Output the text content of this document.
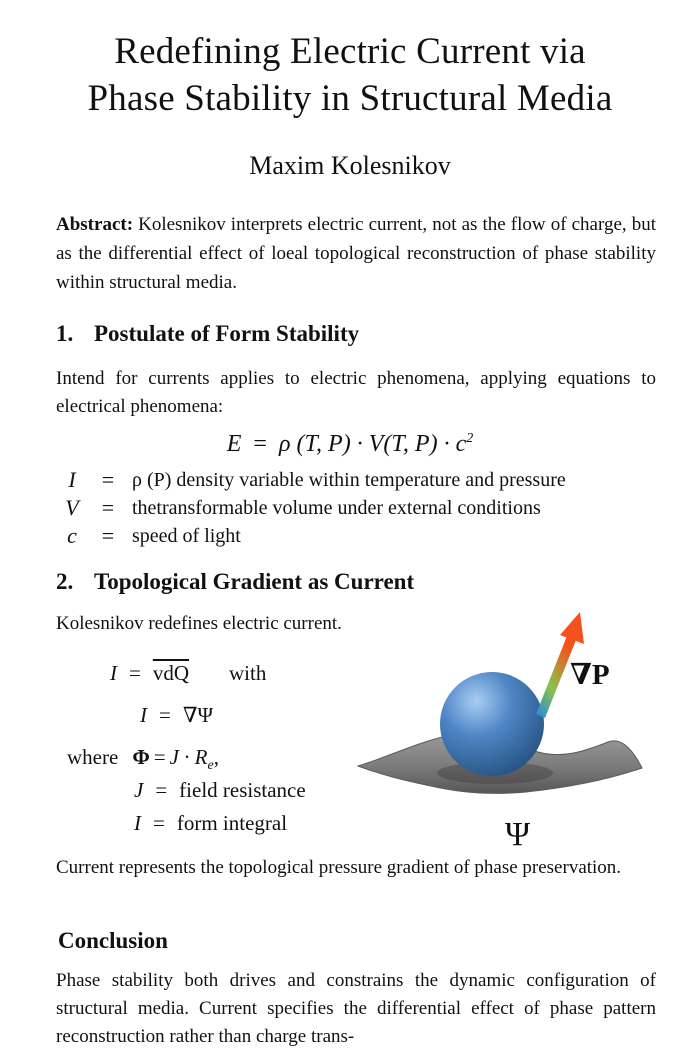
Redefining Electric Current via
Phase Stability in Structural Media
Maxim Kolesnikov
Abstract: Kolesnikov interprets electric current, not as the flow of charge, but as the differential effect of loeal topological reconstruction of phase stability within structural media.
1. Postulate of Form Stability
Intend for currents applies to electric phenomena, applying equations to electrical phenomena:
E = ρ (T, P) · V(T, $P) \cdot c^2$
I	=	ρ (P) density variable within temperature and pressure
V	=	thetransformable volume under external conditions
c	=	speed of light
2. Topological Gradient as Current
Kolesnikov redefines electric current.
$I = \overline{vdQ}$ with
I = ∇Ψ
where $\Phi = J \cdot R_e$,
J = field resistance
I = form integral
∇P
Ψ
Current represents the topological pressure gradient of phase preservation.
Conclusion
Phase stability both drives and constrains the dynamic configuration of structural media. Current specifies the differential effect of phase pattern reconstruction rather than charge trans-
